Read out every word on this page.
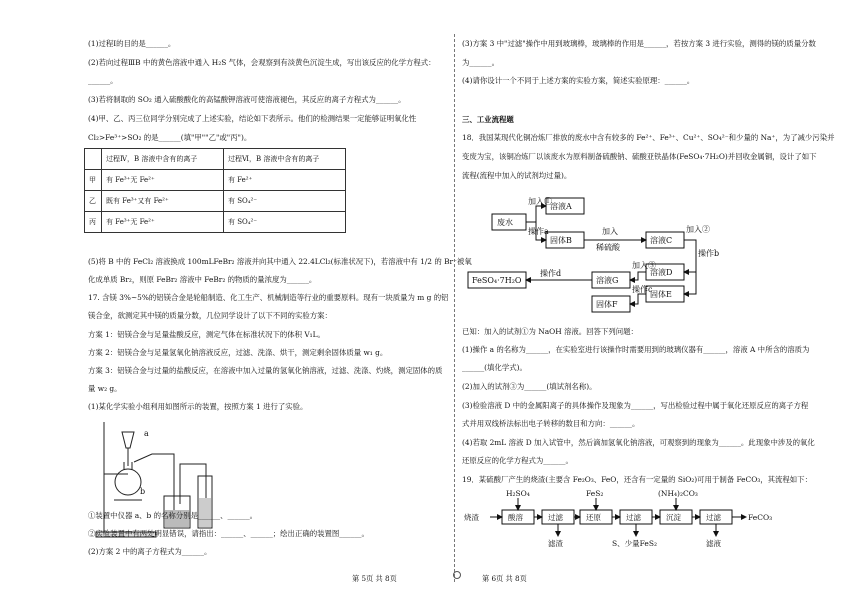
(1)过程Ⅰ的目的是______。
(2)若向过程ⅢB 中的黄色溶液中通入 H₂S 气体，会观察到有淡黄色沉淀生成，写出该反应的化学方程式：
______。
(3)若将制取的 SO₂ 通入硫酸酸化的高锰酸钾溶液可使溶液褪色，其反应的离子方程式为______。
(4)甲、乙、丙三位同学分别完成了上述实验，结论如下表所示。他们的检测结果一定能够证明氧化性
Cl₂>Fe³⁺>SO₂ 的是______(填"甲""乙"或"丙")。
	过程Ⅳ，B 溶液中含有的离子	过程Ⅵ，B 溶液中含有的离子
甲	有 Fe³⁺无 Fe²⁺	有 Fe²⁺
乙	既有 Fe³⁺又有 Fe²⁺	有 SO₄²⁻
丙	有 Fe³⁺无 Fe²⁺	有 SO₄²⁻
(5)将 B 中的 FeCl₂ 溶液换成 100mLFeBr₂ 溶液并向其中通入 22.4LCl₂(标准状况下)，若溶液中有 1/2 的 Br⁻被氧
化成单质 Br₂，则原 FeBr₂ 溶液中 FeBr₂ 的物质的量浓度为______。
17. 含镁 3%~5%的铝镁合金是轮船制造、化工生产、机械制造等行业的重要原料。现有一块质量为 m g 的铝
镁合金，欲测定其中镁的质量分数，几位同学设计了以下不同的实验方案：
方案 1：铝镁合金与足量盐酸反应，测定气体在标准状况下的体积 V₁L。
方案 2：铝镁合金与足量氢氧化钠溶液反应，过滤、洗涤、烘干，测定剩余固体质量 w₁ g。
方案 3：铝镁合金与过量的盐酸反应，在溶液中加入过量的氢氧化钠溶液，过滤、洗涤、灼烧，测定固体的质
量 w₂ g。
(1)某化学实验小组利用如图所示的装置，按照方案 1 进行了实验。
a
b
①装置中仪器 a、b 的名称分别是______、______。
②实验装置中有两处明显错误，请指出：______、______；绘出正确的装置图______。
(2)方案 2 中的离子方程式为______。
(3)方案 3 中"过滤"操作中用到玻璃棒，玻璃棒的作用是______，若按方案 3 进行实验，测得的镁的质量分数
为______。
(4)请你设计一个不同于上述方案的实验方案，简述实验原理：______。
三、工业流程题
18．我国某现代化铜冶炼厂排放的废水中含有较多的 Fe²⁺、Fe³⁺、Cu²⁺、SO₄²⁻和少量的 Na⁺，为了减少污染并
变废为宝，该铜冶炼厂以该废水为原料制备硫酸钠、硫酸亚铁晶体(FeSO₄·7H₂O)并回收金属铜，设计了如下
流程(流程中加入的试剂均过量)。
加入①
操作a
废水
溶液A
固体B
加入
稀硫酸
溶液C
加入②
操作b
溶液D
FeSO₄·7H₂O
操作d
溶液G
加入③
操作c
固体E
固体F
已知：加入的试剂①为 NaOH 溶液。回答下列问题：
(1)操作 a 的名称为______，在实验室进行该操作时需要用到的玻璃仪器有______，溶液 A 中所含的溶质为
______(填化学式)。
(2)加入的试剂③为______(填试剂名称)。
(3)检验溶液 D 中的金属阳离子的具体操作及现象为______，写出检验过程中属于氧化还原反应的离子方程
式并用双线桥法标出电子转移的数目和方向：______。
(4)若取 2mL 溶液 D 加入试管中，然后滴加氢氧化钠溶液，可观察到的现象为______。此现象中涉及的氧化
还原反应的化学方程式为______。
19．某硫酸厂产生的烧渣(主要含 Fe₂O₃、FeO，还含有一定量的 SiO₂)可用于制备 FeCO₃，其流程如下：
H₂SO₄	FeS₂	(NH₄)₂CO₃
烧渣	酸溶	过滤	还原	过滤	沉淀	过滤	FeCO₃
滤渣	S、少量FeS₂	滤液
第 5页 共 8页	第 6页 共 8页
